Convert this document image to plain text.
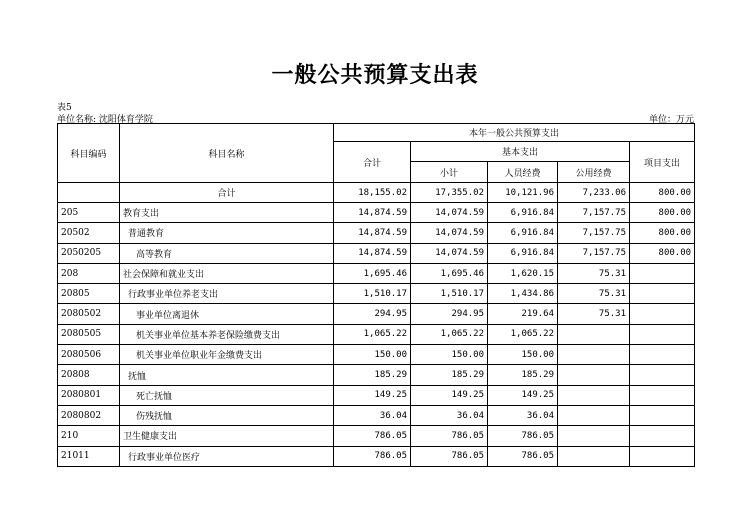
一般公共预算支出表
表5
单位名称: 沈阳体育学院	单位：万元
科目编码	科目名称	本年一般公共预算支出				
		合计	基本支出			项目支出
			小计	人员经费	公用经费	
	合计	18,155.02	17,355.02	10,121.96	7,233.06	800.00
205	教育支出	14,874.59	14,074.59	6,916.84	7,157.75	800.00
20502	普通教育	14,874.59	14,074.59	6,916.84	7,157.75	800.00
2050205	高等教育	14,874.59	14,074.59	6,916.84	7,157.75	800.00
208	社会保障和就业支出	1,695.46	1,695.46	1,620.15	75.31	
20805	行政事业单位养老支出	1,510.17	1,510.17	1,434.86	75.31	
2080502	事业单位离退休	294.95	294.95	219.64	75.31	
2080505	机关事业单位基本养老保险缴费支出	1,065.22	1,065.22	1,065.22		
2080506	机关事业单位职业年金缴费支出	150.00	150.00	150.00		
20808	抚恤	185.29	185.29	185.29		
2080801	死亡抚恤	149.25	149.25	149.25		
2080802	伤残抚恤	36.04	36.04	36.04		
210	卫生健康支出	786.05	786.05	786.05		
21011	行政事业单位医疗	786.05	786.05	786.05		
